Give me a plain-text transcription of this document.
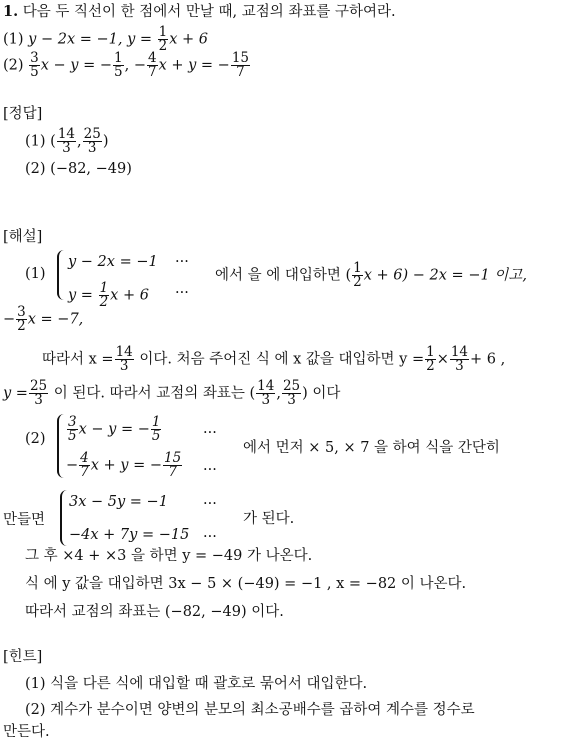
1. 다음 두 직선이 한 점에서 만날 때, 교점의 좌표를 구하여라.
(1) y − 2x = −1, $y = \frac{1}{2}$ x + 6
$(2) \frac{3}{5}$ x − y = − $\frac{1}{5}$ , − $\frac{4}{7}$ x + y = − $\frac{15}{7}$
[정답]
(1) ( $\frac{14}{3}$ , $\frac{25}{3}$ )
(2) (−82, −49)
[해설]
(1)
y − 2x = −1 ···
$y = \frac{1}{2}$ x + 6 ···
에서 을 에 대입하면 ( $\frac{1}{2}$ x + 6) − 2x = −1 이고,
− $\frac{3}{2}$ x = −7,
따라서 $x = \frac{14}{3}$ 이다. 처음 주어진 식 에 x 값을 대입하면 $y = \frac{1}{2} \times \frac{14}{3} + 6$ ,
$y = \frac{25}{3}$ 이 된다. 따라서 교점의 좌표는 ( $\frac{14}{3}$ , $\frac{25}{3}$ ) 이다
$(2) \frac{3}{5}$ x − y = − $\frac{1}{5}$	···
− $\frac{4}{7}$ x + y = − $\frac{15}{7}$ ···
에서 먼저 × 5, × 7 을 하여 식을 간단히
만들면
3x − 5y = −1 ···
−4x + 7y = −15 ···
가 된다.
그 후 ×4 + ×3 을 하면 y = −49 가 나온다.
식 에 y 값을 대입하면 3x − 5 × (−49) = −1 , x = −82 이 나온다.
따라서 교점의 좌표는 (−82, −49) 이다.
[힌트]
(1) 식을 다른 식에 대입할 때 괄호로 묶어서 대입한다.
(2) 계수가 분수이면 양변의 분모의 최소공배수를 곱하여 계수를 정수로
만든다.
